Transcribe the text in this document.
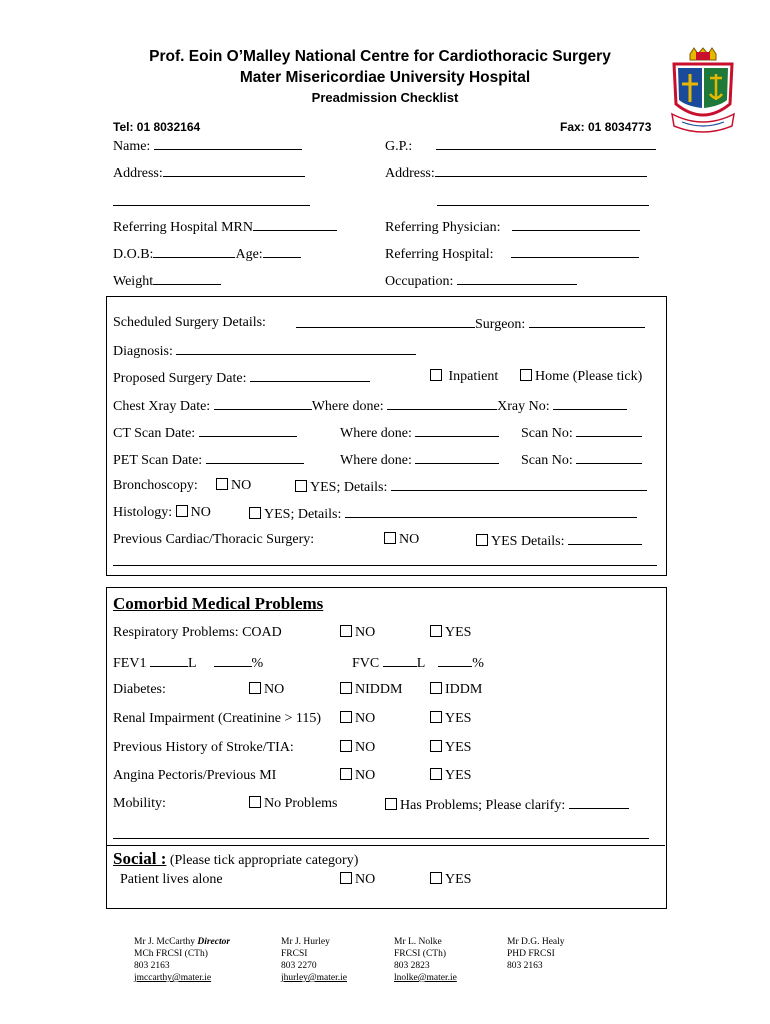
Prof. Eoin O’Malley National Centre for Cardiothoracic Surgery
Mater Misericordiae University Hospital
Preadmission Checklist
Tel: 01 8032164	Fax: 01 8034773
Name:	G.P.:
Address:	Address:
Referring Hospital MRN	Referring Physician:
D.O.B:	Age:	Referring Hospital:
Weight	Occupation:
Scheduled Surgery Details:	Surgeon:
Diagnosis:
Proposed Surgery Date:	Inpatient	Home (Please tick)
Chest Xray Date:	Where done:	Xray No:
CT Scan Date:	Where done:	Scan No:
PET Scan Date:	Where done:	Scan No:
Bronchoscopy:	NO	YES; Details:
Histology: NO	YES; Details:
Previous Cardiac/Thoracic Surgery:	NO	YES Details:
Comorbid Medical Problems
Respiratory Problems: COAD	NO	YES
FEV1	L	%	FVC	L	%
Diabetes:	NO	NIDDM	IDDM
Renal Impairment (Creatinine > 115)	NO	YES
Previous History of Stroke/TIA:	NO	YES
Angina Pectoris/Previous MI	NO	YES
Mobility:	No Problems	Has Problems; Please clarify:
Social : (Please tick appropriate category)
Patient lives alone	NO	YES
Mr J. McCarthy Director
MCh FRCSI (CTh)
803 2163
jmccarthy@mater.ie
Mr J. Hurley
FRCSI
803 2270
jhurley@mater.ie
Mr L. Nolke
FRCSI (CTh)
803 2823
lnolke@mater.ie
Mr D.G. Healy
PHD FRCSI
803 2163
